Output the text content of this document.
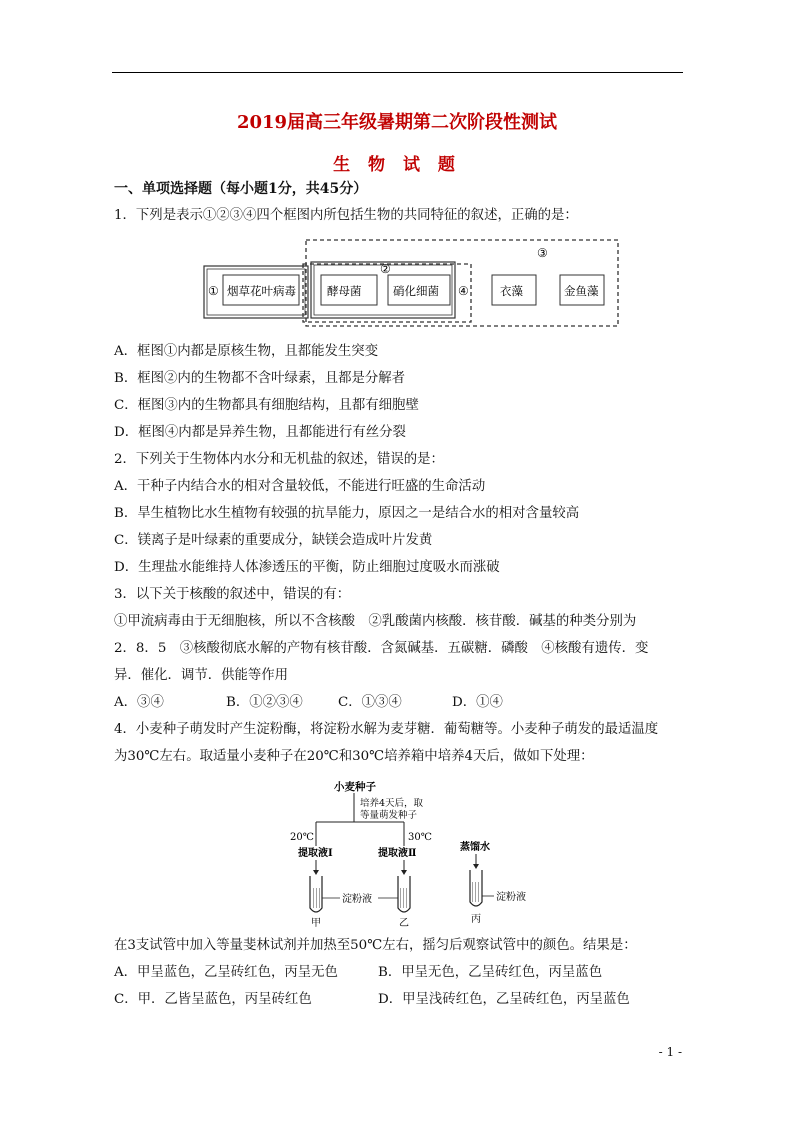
2019届高三年级暑期第二次阶段性测试
生 物 试 题
一、单项选择题（每小题1分，共45分）
1．下列是表示①②③④四个框图内所包括生物的共同特征的叙述，正确的是：
①
②
③
④
烟草花叶病毒	酵母菌	硝化细菌	衣藻	金鱼藻
A．框图①内都是原核生物，且都能发生突变
B．框图②内的生物都不含叶绿素，且都是分解者
C．框图③内的生物都具有细胞结构，且都有细胞壁
D．框图④内都是异养生物，且都能进行有丝分裂
2．下列关于生物体内水分和无机盐的叙述，错误的是：
A．干种子内结合水的相对含量较低，不能进行旺盛的生命活动
B．旱生植物比水生植物有较强的抗旱能力，原因之一是结合水的相对含量较高
C．镁离子是叶绿素的重要成分，缺镁会造成叶片发黄
D．生理盐水能维持人体渗透压的平衡，防止细胞过度吸水而涨破
3．以下关于核酸的叙述中，错误的有：
①甲流病毒由于无细胞核，所以不含核酸　②乳酸菌内核酸．核苷酸．碱基的种类分别为
2．8．5　③核酸彻底水解的产物有核苷酸．含氮碱基．五碳糖．磷酸　④核酸有遗传．变
异．催化．调节．供能等作用
A．③④	B．①②③④	C．①③④	D．①④
4．小麦种子萌发时产生淀粉酶，将淀粉水解为麦芽糖．葡萄糖等。小麦种子萌发的最适温度
为30℃左右。取适量小麦种子在20℃和30℃培养箱中培养4天后，做如下处理：
小麦种子
培养4天后，取
等量萌发种子
20℃	30℃
提取液Ⅰ	提取液Ⅱ
蒸馏水
淀粉液	淀粉液
甲	乙	丙
在3支试管中加入等量斐林试剂并加热至50℃左右，摇匀后观察试管中的颜色。结果是：
A．甲呈蓝色，乙呈砖红色，丙呈无色	B．甲呈无色，乙呈砖红色，丙呈蓝色
C．甲．乙皆呈蓝色，丙呈砖红色	D．甲呈浅砖红色，乙呈砖红色，丙呈蓝色
- 1 -
